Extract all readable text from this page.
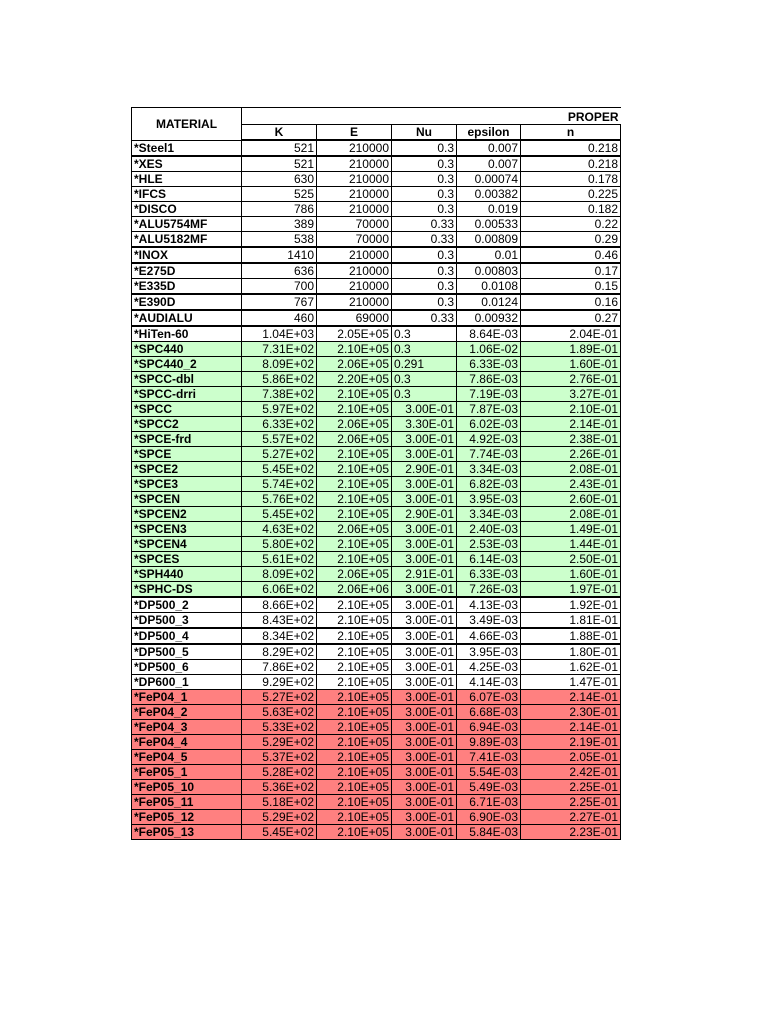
MATERIAL	PROPER				
	K	E	Nu	epsilon	n
*Steel1	521	210000	0.3	0.007	0.218
*XES	521	210000	0.3	0.007	0.218
*HLE	630	210000	0.3	0.00074	0.178
*IFCS	525	210000	0.3	0.00382	0.225
*DISCO	786	210000	0.3	0.019	0.182
*ALU5754MF	389	70000	0.33	0.00533	0.22
*ALU5182MF	538	70000	0.33	0.00809	0.29
*INOX	1410	210000	0.3	0.01	0.46
*E275D	636	210000	0.3	0.00803	0.17
*E335D	700	210000	0.3	0.0108	0.15
*E390D	767	210000	0.3	0.0124	0.16
*AUDIALU	460	69000	0.33	0.00932	0.27
*HiTen-60	1.04E+03	2.05E+05	0.3	8.64E-03	2.04E-01
*SPC440	7.31E+02	2.10E+05	0.3	1.06E-02	1.89E-01
*SPC440_2	8.09E+02	2.06E+05	0.291	6.33E-03	1.60E-01
*SPCC-dbl	5.86E+02	2.20E+05	0.3	7.86E-03	2.76E-01
*SPCC-drri	7.38E+02	2.10E+05	0.3	7.19E-03	3.27E-01
*SPCC	5.97E+02	2.10E+05	3.00E-01	7.87E-03	2.10E-01
*SPCC2	6.33E+02	2.06E+05	3.30E-01	6.02E-03	2.14E-01
*SPCE-frd	5.57E+02	2.06E+05	3.00E-01	4.92E-03	2.38E-01
*SPCE	5.27E+02	2.10E+05	3.00E-01	7.74E-03	2.26E-01
*SPCE2	5.45E+02	2.10E+05	2.90E-01	3.34E-03	2.08E-01
*SPCE3	5.74E+02	2.10E+05	3.00E-01	6.82E-03	2.43E-01
*SPCEN	5.76E+02	2.10E+05	3.00E-01	3.95E-03	2.60E-01
*SPCEN2	5.45E+02	2.10E+05	2.90E-01	3.34E-03	2.08E-01
*SPCEN3	4.63E+02	2.06E+05	3.00E-01	2.40E-03	1.49E-01
*SPCEN4	5.80E+02	2.10E+05	3.00E-01	2.53E-03	1.44E-01
*SPCES	5.61E+02	2.10E+05	3.00E-01	6.14E-03	2.50E-01
*SPH440	8.09E+02	2.06E+05	2.91E-01	6.33E-03	1.60E-01
*SPHC-DS	6.06E+02	2.06E+06	3.00E-01	7.26E-03	1.97E-01
*DP500_2	8.66E+02	2.10E+05	3.00E-01	4.13E-03	1.92E-01
*DP500_3	8.43E+02	2.10E+05	3.00E-01	3.49E-03	1.81E-01
*DP500_4	8.34E+02	2.10E+05	3.00E-01	4.66E-03	1.88E-01
*DP500_5	8.29E+02	2.10E+05	3.00E-01	3.95E-03	1.80E-01
*DP500_6	7.86E+02	2.10E+05	3.00E-01	4.25E-03	1.62E-01
*DP600_1	9.29E+02	2.10E+05	3.00E-01	4.14E-03	1.47E-01
*FeP04_1	5.27E+02	2.10E+05	3.00E-01	6.07E-03	2.14E-01
*FeP04_2	5.63E+02	2.10E+05	3.00E-01	6.68E-03	2.30E-01
*FeP04_3	5.33E+02	2.10E+05	3.00E-01	6.94E-03	2.14E-01
*FeP04_4	5.29E+02	2.10E+05	3.00E-01	9.89E-03	2.19E-01
*FeP04_5	5.37E+02	2.10E+05	3.00E-01	7.41E-03	2.05E-01
*FeP05_1	5.28E+02	2.10E+05	3.00E-01	5.54E-03	2.42E-01
*FeP05_10	5.36E+02	2.10E+05	3.00E-01	5.49E-03	2.25E-01
*FeP05_11	5.18E+02	2.10E+05	3.00E-01	6.71E-03	2.25E-01
*FeP05_12	5.29E+02	2.10E+05	3.00E-01	6.90E-03	2.27E-01
*FeP05_13	5.45E+02	2.10E+05	3.00E-01	5.84E-03	2.23E-01
